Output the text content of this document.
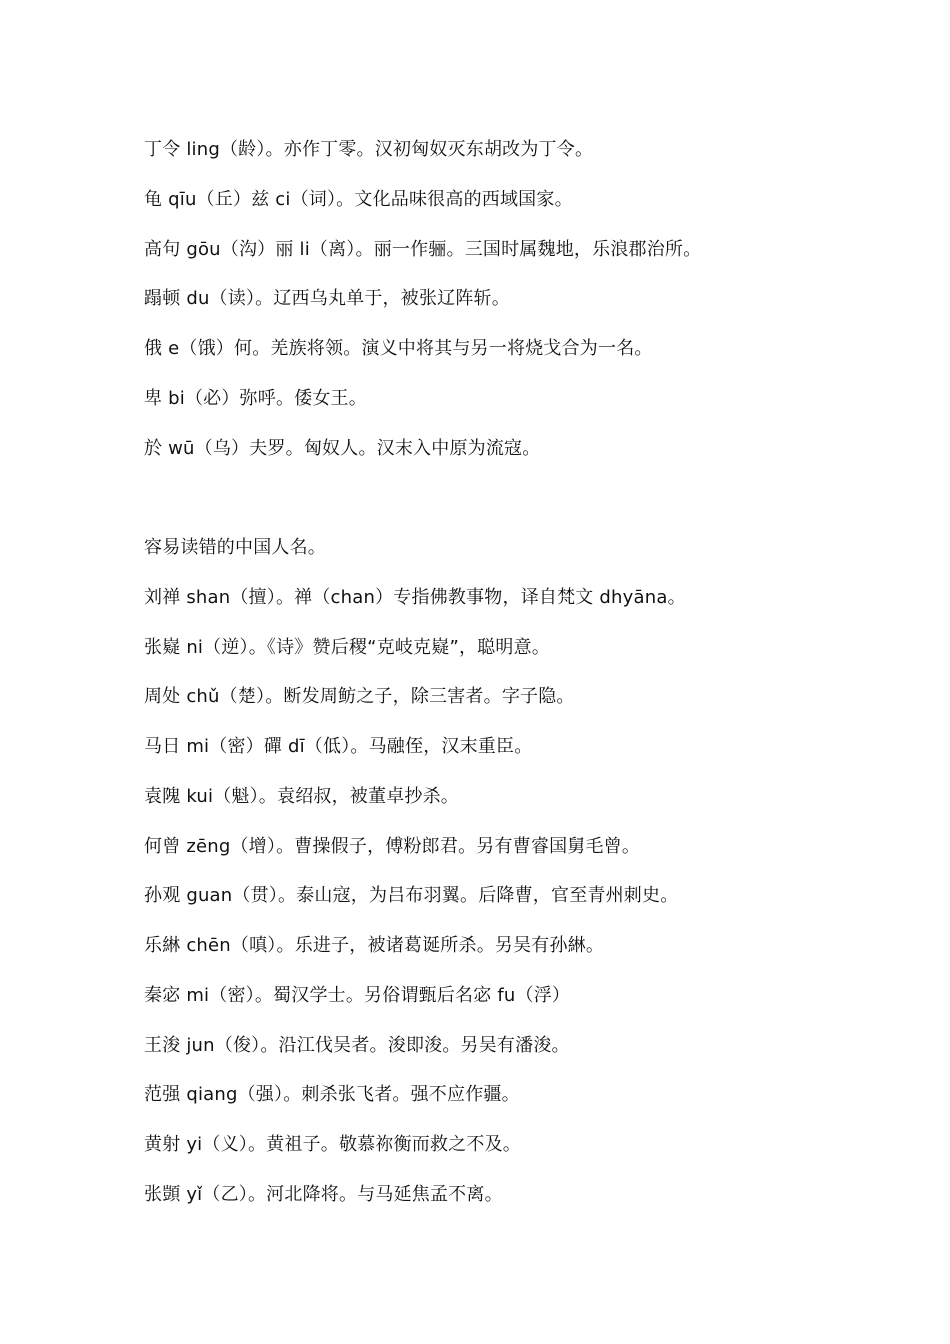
丁令 ling（龄）。亦作丁零。汉初匈奴灭东胡改为丁令。
龟 qīu（丘）兹 ci（词）。文化品味很高的西域国家。
高句 gōu（沟）丽 li（离）。丽一作骊。三国时属魏地，乐浪郡治所。
蹋顿 du（读）。辽西乌丸单于，被张辽阵斩。
俄 e（饿）何。羌族将领。演义中将其与另一将烧戈合为一名。
卑 bi（必）弥呼。倭女王。
於 wū（乌）夫罗。匈奴人。汉末入中原为流寇。
容易读错的中国人名。
刘禅 shan（擅）。禅（chan）专指佛教事物，译自梵文 dhyāna。
张嶷 ni（逆）。《诗》赞后稷“克岐克嶷”，聪明意。
周处 chǔ（楚）。断发周鲂之子，除三害者。字子隐。
马日 mi（密）磾 dī（低）。马融侄，汉末重臣。
袁隗 kui（魁）。袁绍叔，被董卓抄杀。
何曾 zēng（增）。曹操假子，傅粉郎君。另有曹睿国舅毛曾。
孙观 guan（贯）。泰山寇，为吕布羽翼。后降曹，官至青州刺史。
乐綝 chēn（嗔）。乐进子，被诸葛诞所杀。另吴有孙綝。
秦宓 mi（密）。蜀汉学士。另俗谓甄后名宓 fu（浮）
王浚 jun（俊）。沿江伐吴者。浚即浚。另吴有潘浚。
范强 qiang（强）。刺杀张飞者。强不应作疆。
黄射 yi（义）。黄祖子。敬慕祢衡而救之不及。
张顗 yǐ（乙）。河北降将。与马延焦孟不离。
